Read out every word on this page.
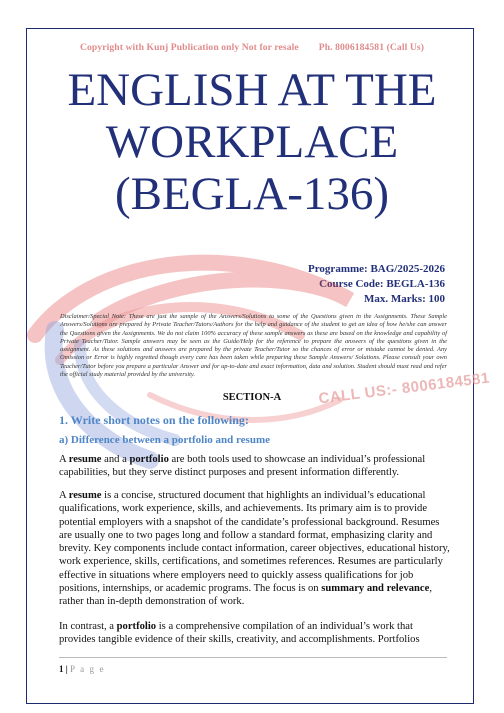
Copyright with Kunj Publication only Not for resale Ph. 8006184581 (Call Us)
ENGLISH AT THE
WORKPLACE
(BEGLA-136)
CALL US:- 8006184581
Programme: BAG/2025-2026
Course Code: BEGLA-136
Max. Marks: 100
Disclaimer/Special Note: These are just the sample of the Answers/Solutions to some of the Questions given in the Assignments. These Sample Answers/Solutions are prepared by Private Teacher/Tutors/Authors for the help and guidance of the student to get an idea of how he/she can answer the Questions given the Assignments. We do not claim 100% accuracy of these sample answers as these are based on the knowledge and capability of Private Teacher/Tutor. Sample answers may be seen as the Guide/Help for the reference to prepare the answers of the questions given in the assignment. As these solutions and answers are prepared by the private Teacher/Tutor so the chances of error or mistake cannot be denied. Any Omission or Error is highly regretted though every care has been taken while preparing these Sample Answers/ Solutions. Please consult your own Teacher/Tutor before you prepare a particular Answer and for up-to-date and exact information, data and solution. Student should must read and refer the official study material provided by the university.
SECTION-A
1. Write short notes on the following:
a) Difference between a portfolio and resume
A resume and a portfolio are both tools used to showcase an individual’s professional capabilities, but they serve distinct purposes and present information differently.
A resume is a concise, structured document that highlights an individual’s educational qualifications, work experience, skills, and achievements. Its primary aim is to provide potential employers with a snapshot of the candidate’s professional background. Resumes are usually one to two pages long and follow a standard format, emphasizing clarity and brevity. Key components include contact information, career objectives, educational history, work experience, skills, certifications, and sometimes references. Resumes are particularly effective in situations where employers need to quickly assess qualifications for job positions, internships, or academic programs. The focus is on summary and relevance, rather than in-depth demonstration of work.
In contrast, a portfolio is a comprehensive compilation of an individual’s work that provides tangible evidence of their skills, creativity, and accomplishments. Portfolios
1 | P a g e
